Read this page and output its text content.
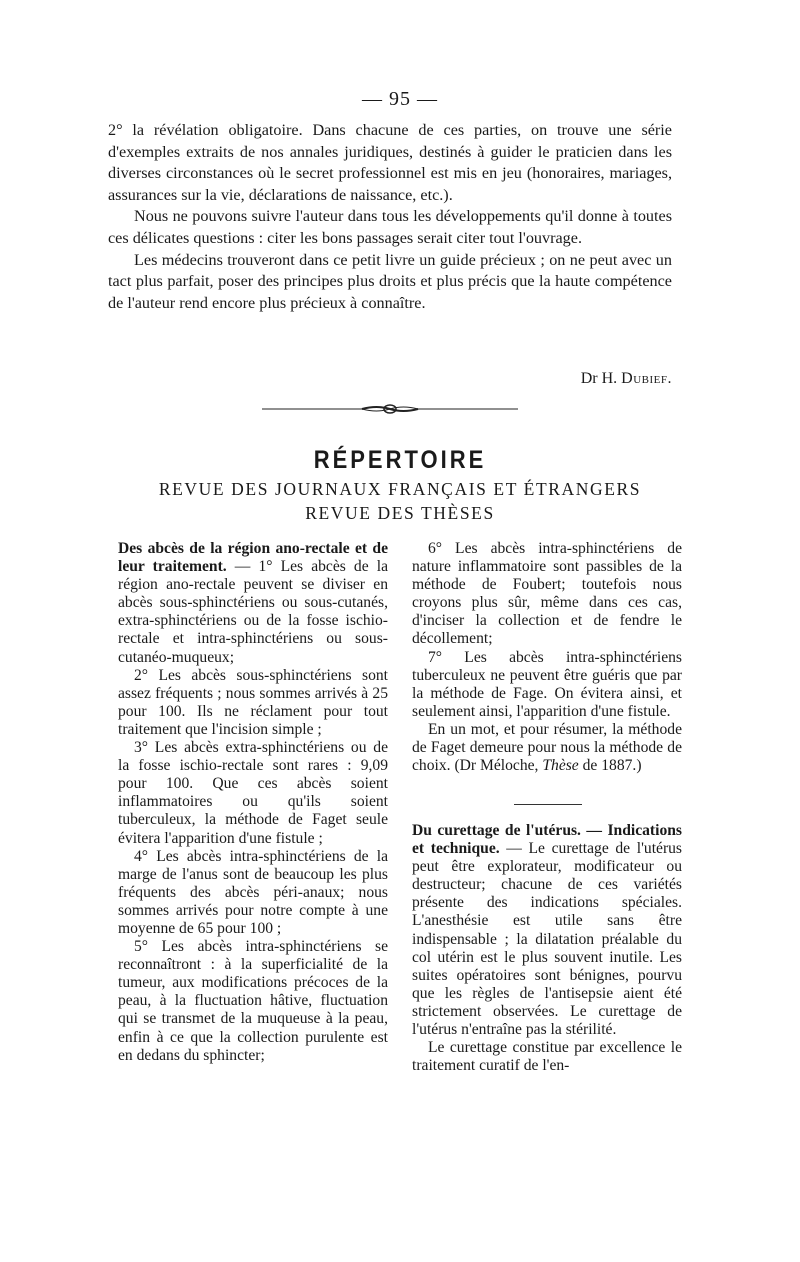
— 95 —

2° la révélation obligatoire. Dans chacune de ces parties, on trouve une série d'exemples extraits de nos annales juridiques, destinés à guider le praticien dans les diverses circonstances où le secret professionnel est mis en jeu (honoraires, mariages, assurances sur la vie, déclarations de naissance, etc.).

Nous ne pouvons suivre l'auteur dans tous les développements qu'il donne à toutes ces délicates questions : citer les bons passages serait citer tout l'ouvrage.

Les médecins trouveront dans ce petit livre un guide précieux ; on ne peut avec un tact plus parfait, poser des principes plus droits et plus précis que la haute compétence de l'auteur rend encore plus précieux à connaître.

Dr H. Dubief.
RÉPERTOIRE
REVUE DES JOURNAUX FRANÇAIS ET ÉTRANGERS
REVUE DES THÈSES

Des abcès de la région ano-rectale et de leur traitement. — 1° Les abcès de la région ano-rectale peuvent se diviser en abcès sous-sphinctériens ou sous-cutanés, extra-sphinctériens ou de la fosse ischio-rectale et intra-sphinctériens ou sous-cutanéo-muqueux;

2° Les abcès sous-sphinctériens sont assez fréquents ; nous sommes arrivés à 25 pour 100. Ils ne réclament pour tout traitement que l'incision simple ;

3° Les abcès extra-sphinctériens ou de la fosse ischio-rectale sont rares : 9,09 pour 100. Que ces abcès soient inflammatoires ou qu'ils soient tuberculeux, la méthode de Faget seule évitera l'apparition d'une fistule ;

4° Les abcès intra-sphinctériens de la marge de l'anus sont de beaucoup les plus fréquents des abcès péri-anaux; nous sommes arrivés pour notre compte à une moyenne de 65 pour 100 ;

5° Les abcès intra-sphinctériens se reconnaîtront : à la superficialité de la tumeur, aux modifications précoces de la peau, à la fluctuation hâtive, fluctuation qui se transmet de la muqueuse à la peau, enfin à ce que la collection purulente est en dedans du sphincter;

6° Les abcès intra-sphinctériens de nature inflammatoire sont passibles de la méthode de Foubert; toutefois nous croyons plus sûr, même dans ces cas, d'inciser la collection et de fendre le décollement;

7° Les abcès intra-sphinctériens tuberculeux ne peuvent être guéris que par la méthode de Fage. On évitera ainsi, et seulement ainsi, l'apparition d'une fistule.

En un mot, et pour résumer, la méthode de Faget demeure pour nous la méthode de choix. (Dr Méloche, Thèse de 1887.)

Du curettage de l'utérus. — Indications et technique. — Le curettage de l'utérus peut être explorateur, modificateur ou destructeur; chacune de ces variétés présente des indications spéciales. L'anesthésie est utile sans être indispensable ; la dilatation préalable du col utérin est le plus souvent inutile. Les suites opératoires sont bénignes, pourvu que les règles de l'antisepsie aient été strictement observées. Le curettage de l'utérus n'entraîne pas la stérilité.

Le curettage constitue par excellence le traitement curatif de l'en-
